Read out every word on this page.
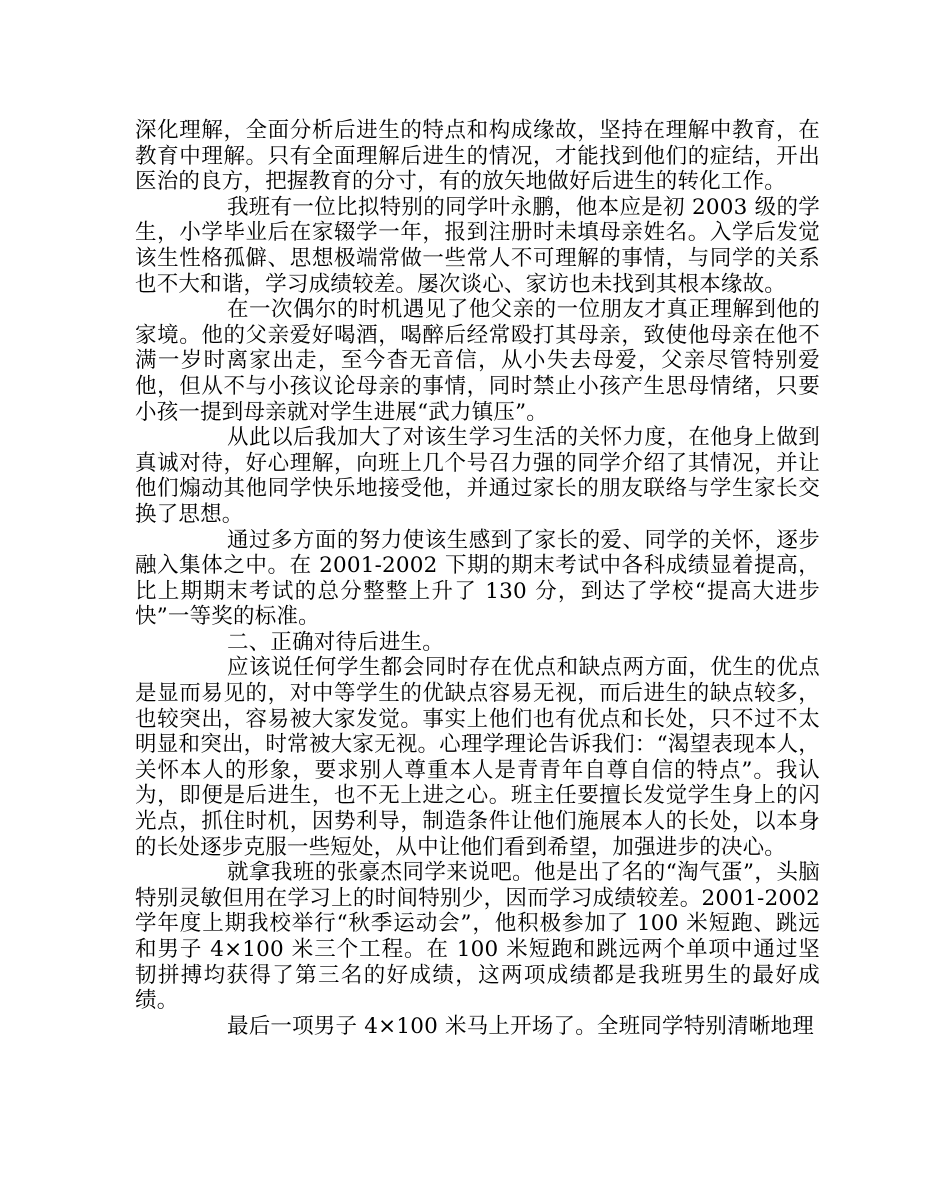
深化理解，全面分析后进生的特点和构成缘故，坚持在理解中教育，在教育中理解。只有全面理解后进生的情况，才能找到他们的症结，开出医治的良方，把握教育的分寸，有的放矢地做好后进生的转化工作。

我班有一位比拟特别的同学叶永鹏，他本应是初 2003 级的学生，小学毕业后在家辍学一年，报到注册时未填母亲姓名。入学后发觉该生性格孤僻、思想极端常做一些常人不可理解的事情，与同学的关系也不大和谐，学习成绩较差。屡次谈心、家访也未找到其根本缘故。

在一次偶尔的时机遇见了他父亲的一位朋友才真正理解到他的家境。他的父亲爱好喝酒，喝醉后经常殴打其母亲，致使他母亲在他不满一岁时离家出走，至今杳无音信，从小失去母爱，父亲尽管特别爱他，但从不与小孩议论母亲的事情，同时禁止小孩产生思母情绪，只要小孩一提到母亲就对学生进展“武力镇压”。

从此以后我加大了对该生学习生活的关怀力度，在他身上做到真诚对待，好心理解，向班上几个号召力强的同学介绍了其情况，并让他们煽动其他同学快乐地接受他，并通过家长的朋友联络与学生家长交换了思想。

通过多方面的努力使该生感到了家长的爱、同学的关怀，逐步融入集体之中。在 2001-2002 下期的期末考试中各科成绩显着提高，比上期期末考试的总分整整上升了 130 分，到达了学校“提高大进步快”一等奖的标准。

二、正确对待后进生。

应该说任何学生都会同时存在优点和缺点两方面，优生的优点是显而易见的，对中等学生的优缺点容易无视，而后进生的缺点较多，也较突出，容易被大家发觉。事实上他们也有优点和长处，只不过不太明显和突出，时常被大家无视。心理学理论告诉我们：“渴望表现本人，关怀本人的形象，要求别人尊重本人是青青年自尊自信的特点”。我认为，即便是后进生，也不无上进之心。班主任要擅长发觉学生身上的闪光点，抓住时机，因势利导，制造条件让他们施展本人的长处，以本身的长处逐步克服一些短处，从中让他们看到希望，加强进步的决心。

就拿我班的张豪杰同学来说吧。他是出了名的“淘气蛋”，头脑特别灵敏但用在学习上的时间特别少，因而学习成绩较差。2001-2002 学年度上期我校举行“秋季运动会”，他积极参加了 100 米短跑、跳远和男子 4×100 米三个工程。在 100 米短跑和跳远两个单项中通过坚韧拼搏均获得了第三名的好成绩，这两项成绩都是我班男生的最好成绩。

最后一项男子 4×100 米马上开场了。全班同学特别清晰地理
